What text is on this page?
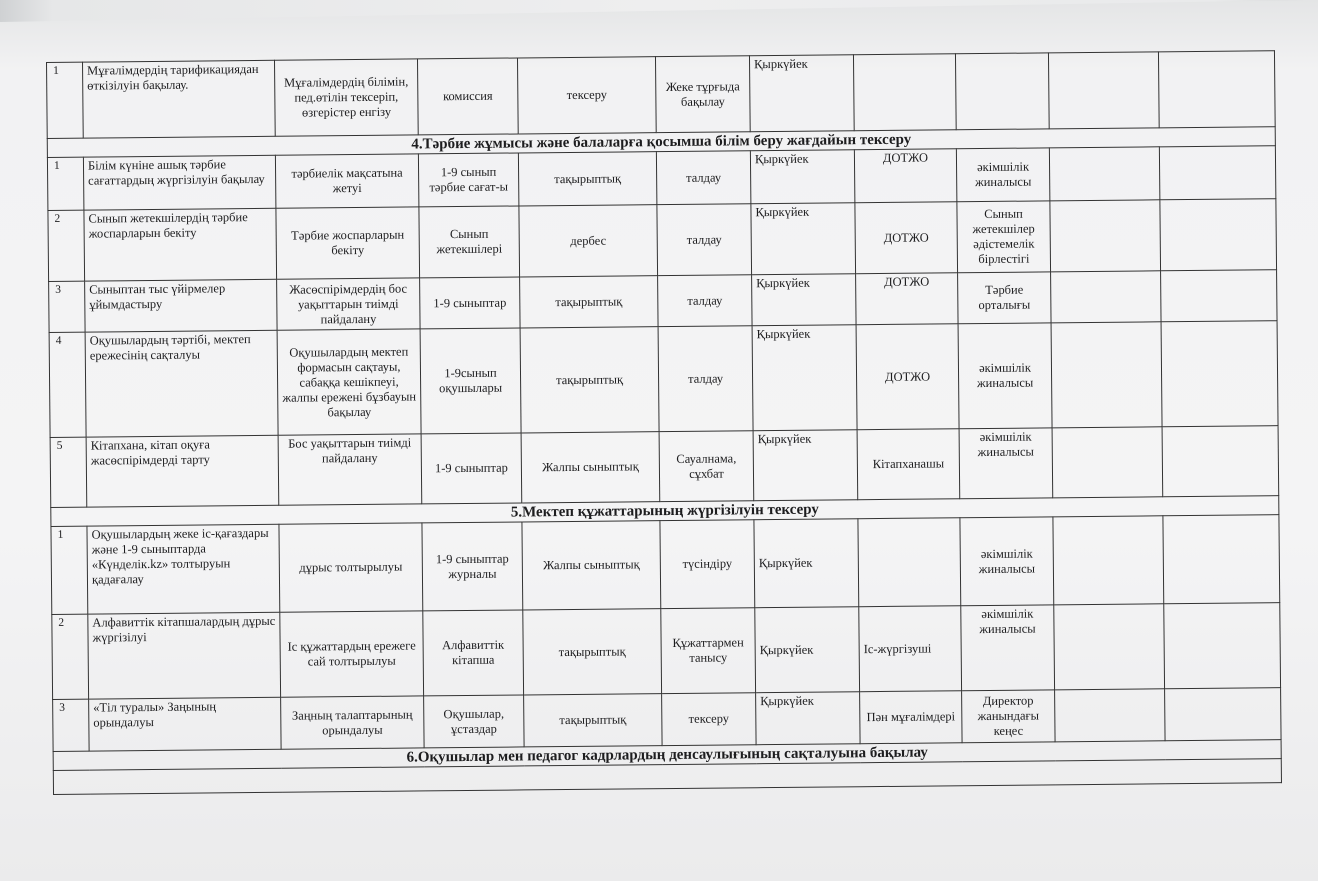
1	Мұғалімдердің тарификациядан өткізілуін бақылау.	Мұғалімдердің білімін, пед.өтілін тексеріп, өзгерістер енгізу	комиссия	тексеру	Жеке тұрғыда бақылау	Қыркүйек				
4.Тәрбие жұмысы және балаларға қосымша білім беру жағдайын тексеру										
1	Білім күніне ашық тәрбие сағаттардың жүргізілуін бақылау	тәрбиелік мақсатына жетуі	1-9 сынып тәрбие сағат-ы	тақырыптық	талдау	Қыркүйек	ДОТЖО	әкімшілік жиналысы		
2	Сынып жетекшілердің тәрбие жоспарларын бекіту	Тәрбие жоспарларын бекіту	Сынып жетекшілері	дербес	талдау	Қыркүйек	ДОТЖО	Сынып жетекшілер әдістемелік бірлестігі		
3	Сыныптан тыс үйірмелер ұйымдастыру	Жасөспірімдердің бос уақыттарын тиімді пайдалану	1-9 сыныптар	тақырыптық	талдау	Қыркүйек	ДОТЖО	Тәрбие орталығы		
4	Оқушылардың тәртібі, мектеп ережесінің сақталуы	Оқушылардың мектеп формасын сақтауы, сабаққа кешікпеуі, жалпы ережені бұзбауын бақылау	1-9сынып оқушылары	тақырыптық	талдау	Қыркүйек	ДОТЖО	әкімшілік жиналысы		
5	Кітапхана, кітап оқуға жасөспірімдерді тарту	Бос уақыттарын тиімді пайдалану	1-9 сыныптар	Жалпы сыныптық	Сауалнама, сұхбат	Қыркүйек	Кітапханашы	әкімшілік жиналысы		
5.Мектеп құжаттарының жүргізілуін тексеру										
1	Оқушылардың жеке іс-қағаздары және 1-9 сыныптарда «Күнделік.kz» толтыруын қадағалау	дұрыс толтырылуы	1-9 сыныптар журналы	Жалпы сыныптық	түсіндіру	Қыркүйек		әкімшілік жиналысы		
2	Алфавиттік кітапшалардың дұрыс жүргізілуі	Іс құжаттардың ережеге сай толтырылуы	Алфавиттік кітапша	тақырыптық	Құжаттармен танысу	Қыркүйек	Іс-жүргізуші	әкімшілік жиналысы		
3	«Тіл туралы» Заңының орындалуы	Заңның талаптарының орындалуы	Оқушылар, ұстаздар	тақырыптық	тексеру	Қыркүйек	Пән мұғалімдері	Директор жанындағы кеңес		
6.Оқушылар мен педагог кадрлардың денсаулығының сақталуына бақылау										
